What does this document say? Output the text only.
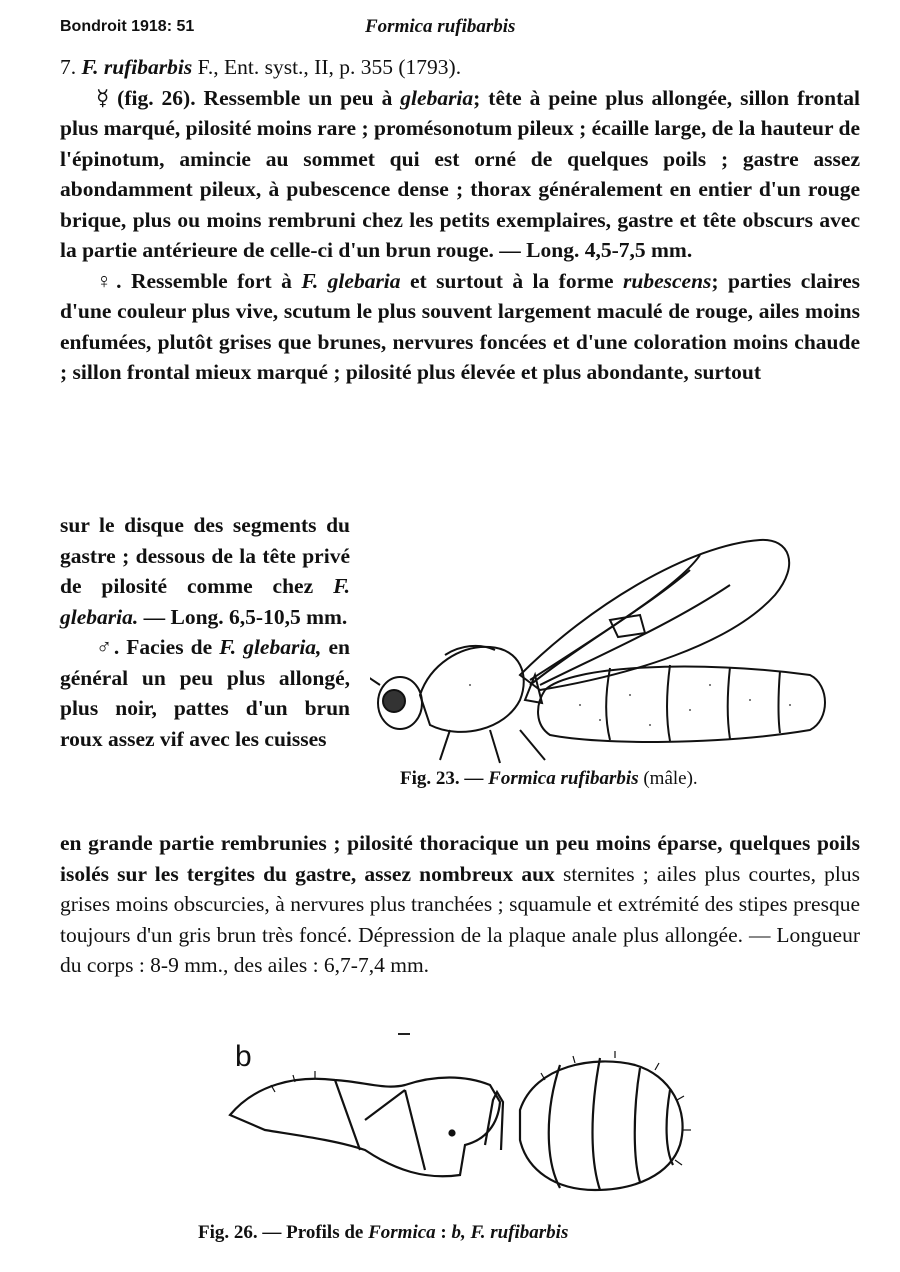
Bondroit 1918: 51	Formica rufibarbis

7. F. rufibarbis F., Ent. syst., II, p. 355 (1793).

☿ (fig. 26). Ressemble un peu à glebaria; tête à peine plus allongée, sillon frontal plus marqué, pilosité moins rare ; promésonotum pileux ; écaille large, de la hauteur de l'épinotum, amincie au sommet qui est orné de quelques poils ; gastre assez abondamment pileux, à pubescence dense ; thorax généralement en entier d'un rouge brique, plus ou moins rembruni chez les petits exemplaires, gastre et tête obscurs avec la partie antérieure de celle-ci d'un brun rouge. — Long. 4,5-7,5 mm.

♀. Ressemble fort à F. glebaria et surtout à la forme rubescens; parties claires d'une couleur plus vive, scutum le plus souvent largement maculé de rouge, ailes moins enfumées, plutôt grises que brunes, nervures foncées et d'une coloration moins chaude ; sillon frontal mieux marqué ; pilosité plus élevée et plus abondante, surtout

sur le disque des segments du gastre ; dessous de la tête privé de pilosité comme chez F. glebaria. — Long. 6,5-10,5 mm.

♂. Facies de F. glebaria, en général un peu plus allongé, plus noir, pattes d'un brun roux assez vif avec les cuisses

Fig. 23. — Formica rufibarbis (mâle).
en grande partie rembrunies ; pilosité thoracique un peu moins éparse, quelques poils isolés sur les tergites du gastre, assez nombreux aux sternites ; ailes plus courtes, plus grises moins obscurcies, à nervures plus tranchées ; squamule et extrémité des stipes presque toujours d'un gris brun très foncé. Dépression de la plaque anale plus allongée. — Longueur du corps : 8-9 mm., des ailes : 6,7-7,4 mm.
b
Fig. 26. — Profils de Formica : b, F. rufibarbis
